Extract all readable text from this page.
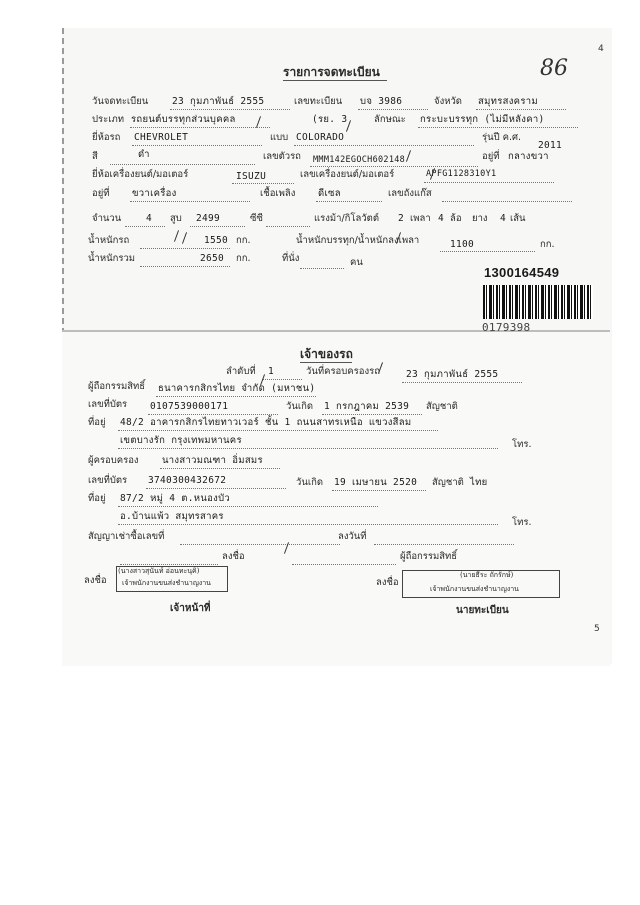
4
86
รายการจดทะเบียน
วันจดทะเบียน 23 กุมภาพันธ์ 2555	เลขทะเบียน บจ 3986	จังหวัด สมุทรสงคราม
ประเภท รถยนต์บรรทุกส่วนบุคคล	(รย. 3	ลักษณะ กระบะบรรทุก (ไม่มีหลังคา)
ยี่ห้อรถ CHEVROLET	แบบ COLORADO	รุ่นปี ค.ศ.
2011
สี	ดำ	เลขตัวรถ MMM142EGOCH602148	อยู่ที่ กลางขวา
ยี่ห้อเครื่องยนต์/มอเตอร์	ISUZU	เลขเครื่องยนต์/มอเตอร์	APFG1128310Y1
อยู่ที่ ขวาเครื่อง	เชื้อเพลิง ดีเซล	เลขถังแก๊ส
จำนวน	4 สูบ 2499	ซีซี	แรงม้า/กิโลวัตต์ 2 เพลา 4 ล้อ ยาง 4 เส้น
น้ำหนักรถ	1550 กก.	น้ำหนักบรรทุก/น้ำหนักลงเพลา	1100	กก.
น้ำหนักรวม	2650 กก.	ที่นั่ง	คน
1300164549
0179398
เจ้าของรถ
ลำดับที่ 1	วันที่ครอบครองรถ	23 กุมภาพันธ์ 2555
ผู้ถือกรรมสิทธิ์ ธนาคารกสิกรไทย จำกัด (มหาชน)
เลขที่บัตร 0107539000171	วันเกิด 1 กรกฎาคม 2539 สัญชาติ
ที่อยู่ 48/2 อาคารกสิกรไทยทาวเวอร์ ชั้น 1 ถนนสาทรเหนือ แขวงสีลม
เขตบางรัก กรุงเทพมหานคร	โทร.
ผู้ครอบครอง นางสาวมณฑา อิ่มสมร
เลขที่บัตร 3740300432672	วันเกิด 19 เมษายน 2520 สัญชาติ ไทย
ที่อยู่ 87/2 หมู่ 4 ต.หนองบัว
อ.บ้านแพ้ว สมุทรสาคร
โทร.
สัญญาเช่าซื้อเลขที่	ลงวันที่
ลงชื่อ	ผู้ถือกรรมสิทธิ์
ลงชื่อ
(นางสาวสุนันท์ อ่อนทะนุคิ)
เจ้าพนักงานขนส่งชำนาญงาน	ลงชื่อ
(นายธีระ ถักรักษ์)
เจ้าพนักงานขนส่งชำนาญงาน
เจ้าหน้าที่	นายทะเบียน
5
